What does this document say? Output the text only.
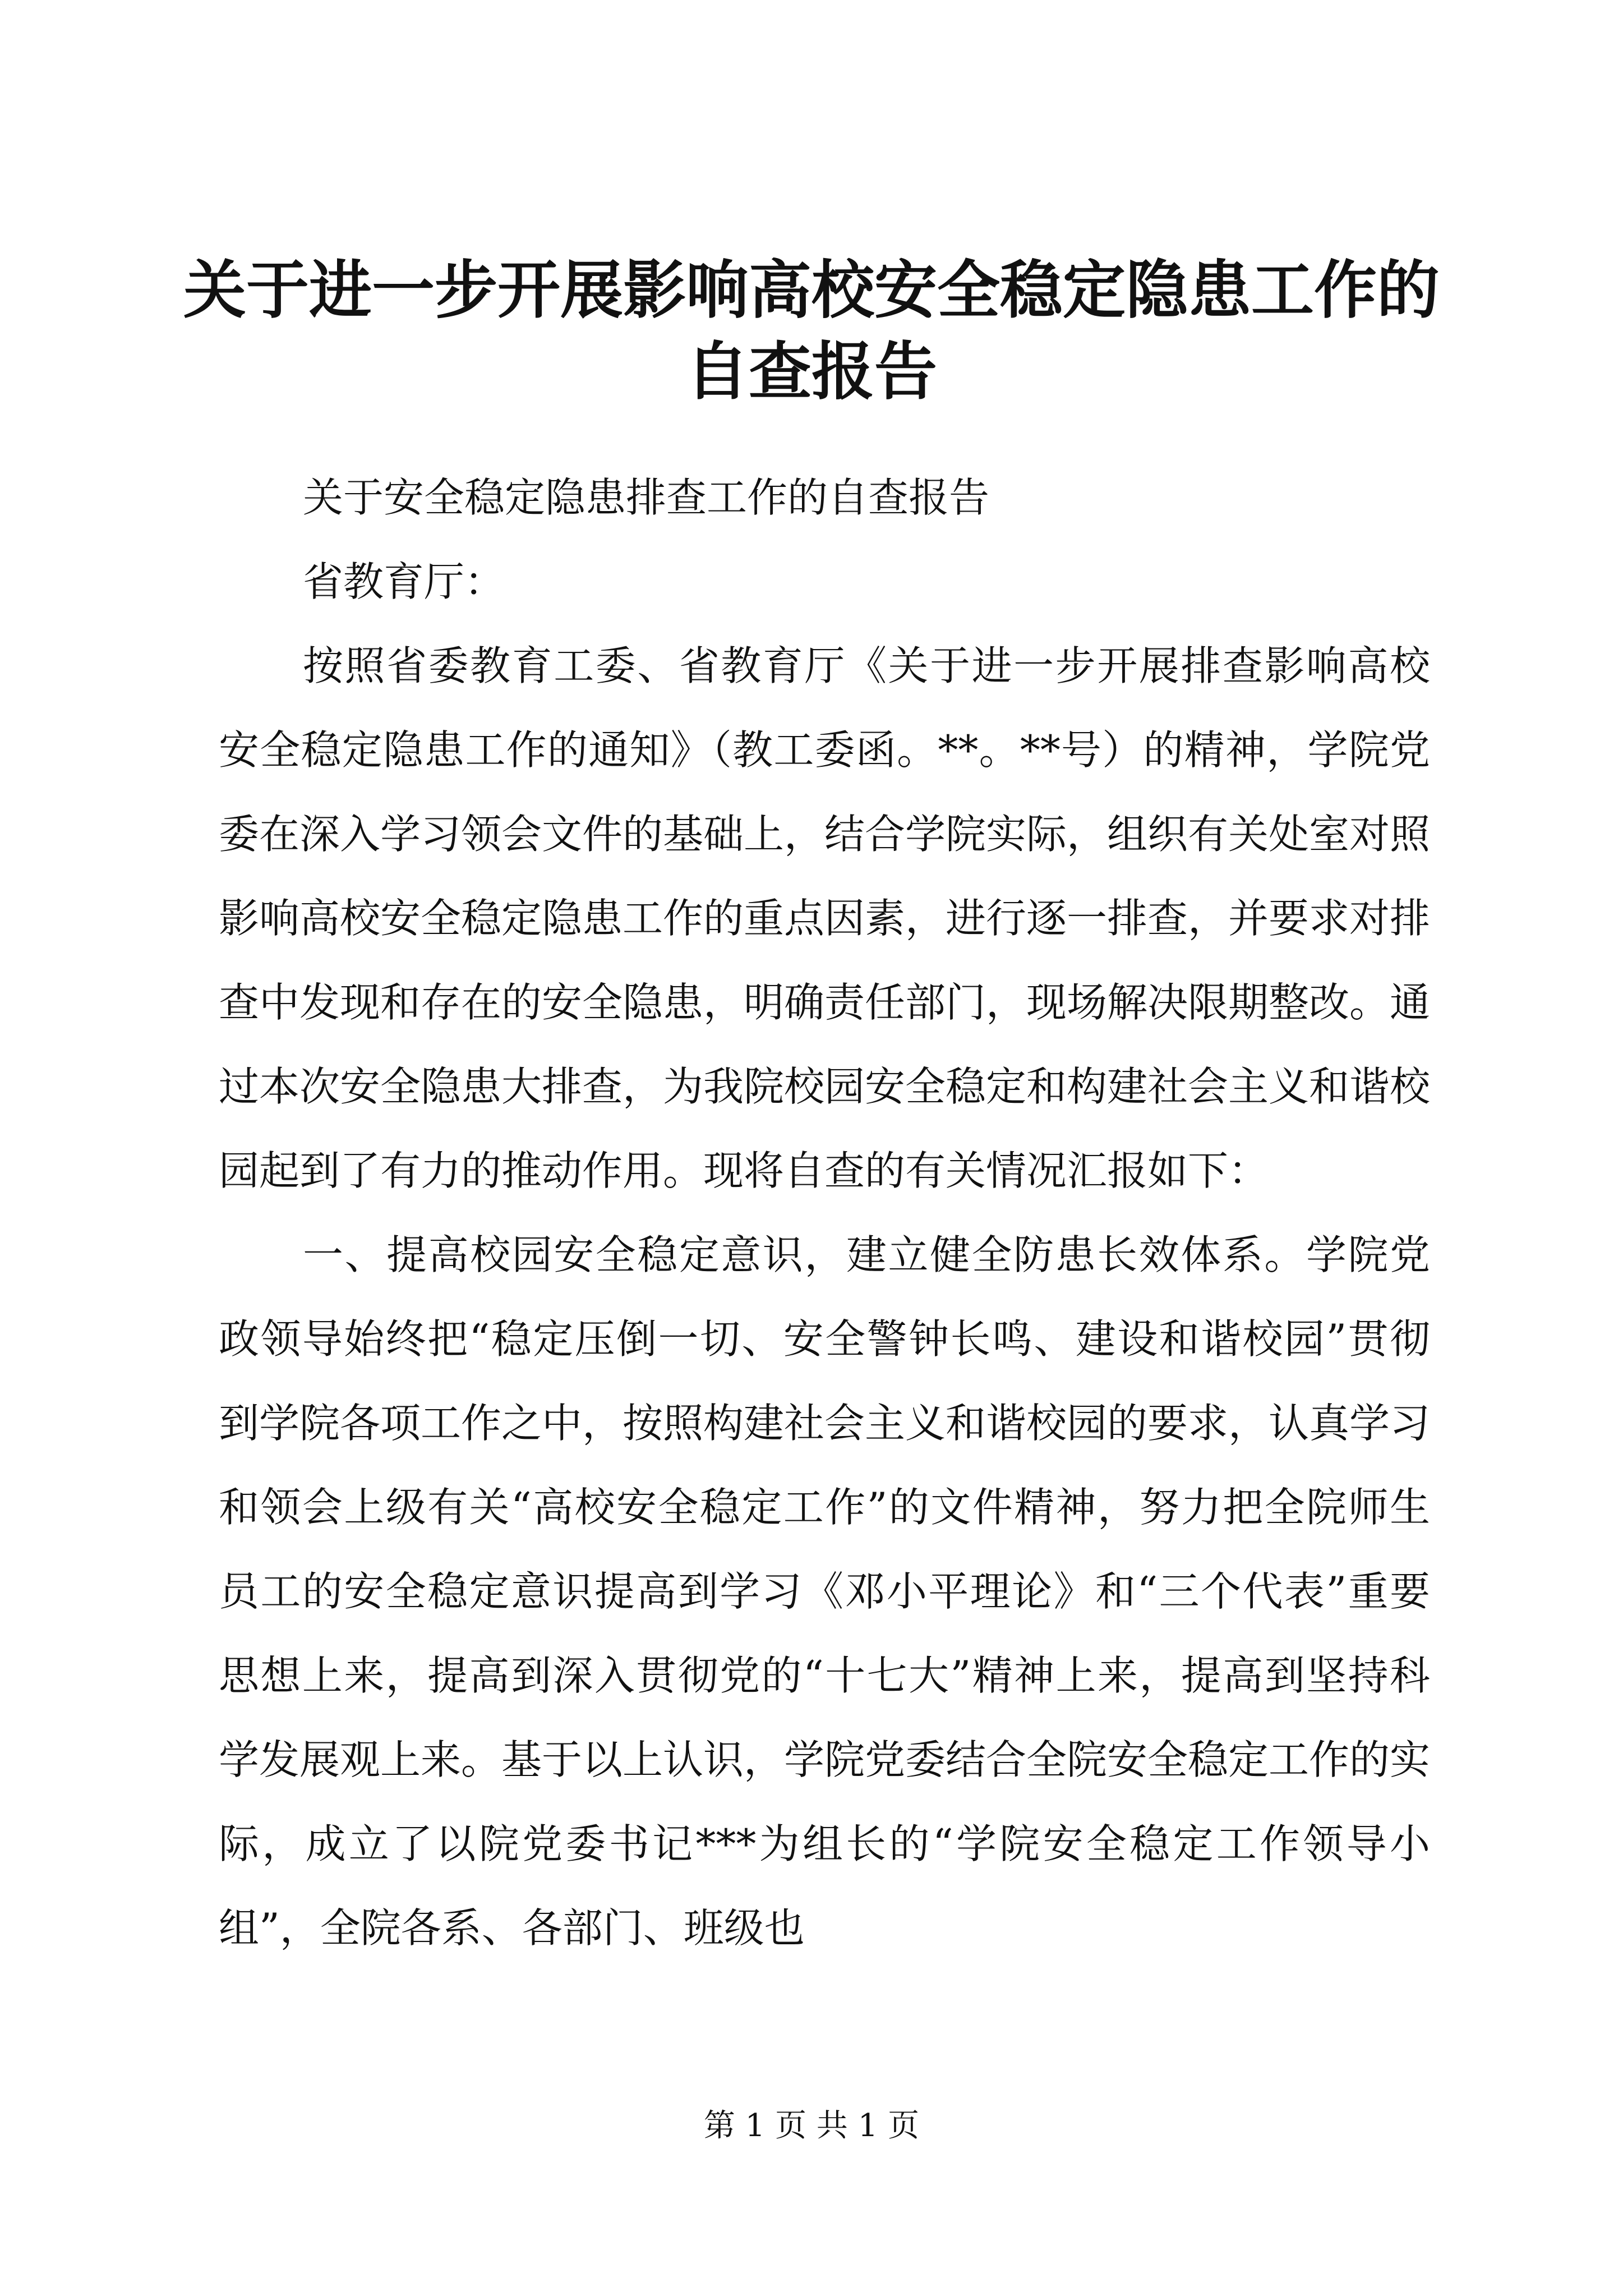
关于进一步开展影响高校安全稳定隐患工作的
自查报告

关于安全稳定隐患排查工作的自查报告

省教育厅：

按照省委教育工委、省教育厅《关于进一步开展排查影响高校安全稳定隐患工作的通知》（教工委函。**。**号）的精神，学院党委在深入学习领会文件的基础上，结合学院实际，组织有关处室对照影响高校安全稳定隐患工作的重点因素，进行逐一排查，并要求对排查中发现和存在的安全隐患，明确责任部门，现场解决限期整改。通过本次安全隐患大排查，为我院校园安全稳定和构建社会主义和谐校园起到了有力的推动作用。现将自查的有关情况汇报如下：

一、提高校园安全稳定意识，建立健全防患长效体系。学院党政领导始终把“稳定压倒一切、安全警钟长鸣、建设和谐校园”贯彻到学院各项工作之中，按照构建社会主义和谐校园的要求，认真学习和领会上级有关“高校安全稳定工作”的文件精神，努力把全院师生员工的安全稳定意识提高到学习《邓小平理论》和“三个代表”重要思想上来，提高到深入贯彻党的“十七大”精神上来，提高到坚持科学发展观上来。基于以上认识，学院党委结合全院安全稳定工作的实际，成立了以院党委书记***为组长的“学院安全稳定工作领导小组”，全院各系、各部门、班级也

第 1 页 共 1 页
